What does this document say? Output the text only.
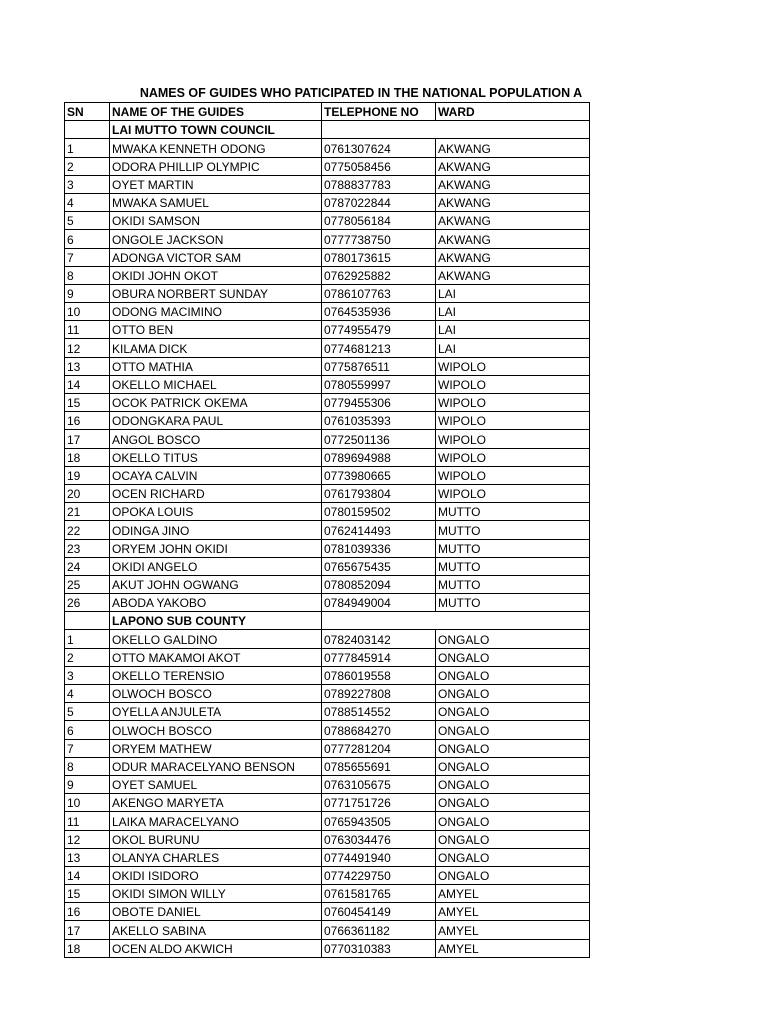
NAMES OF GUIDES WHO PATICIPATED IN THE NATIONAL POPULATION A
SN	NAME OF THE GUIDES	TELEPHONE NO	WARD
	LAI MUTTO TOWN COUNCIL		
1	MWAKA KENNETH ODONG	0761307624	AKWANG
2	ODORA PHILLIP OLYMPIC	0775058456	AKWANG
3	OYET MARTIN	0788837783	AKWANG
4	MWAKA SAMUEL	0787022844	AKWANG
5	OKIDI SAMSON	0778056184	AKWANG
6	ONGOLE JACKSON	0777738750	AKWANG
7	ADONGA VICTOR SAM	0780173615	AKWANG
8	OKIDI JOHN OKOT	0762925882	AKWANG
9	OBURA NORBERT SUNDAY	0786107763	LAI
10	ODONG MACIMINO	0764535936	LAI
11	OTTO BEN	0774955479	LAI
12	KILAMA DICK	0774681213	LAI
13	OTTO MATHIA	0775876511	WIPOLO
14	OKELLO MICHAEL	0780559997	WIPOLO
15	OCOK PATRICK OKEMA	0779455306	WIPOLO
16	ODONGKARA PAUL	0761035393	WIPOLO
17	ANGOL BOSCO	0772501136	WIPOLO
18	OKELLO TITUS	0789694988	WIPOLO
19	OCAYA CALVIN	0773980665	WIPOLO
20	OCEN RICHARD	0761793804	WIPOLO
21	OPOKA LOUIS	0780159502	MUTTO
22	ODINGA JINO	0762414493	MUTTO
23	ORYEM JOHN OKIDI	0781039336	MUTTO
24	OKIDI ANGELO	0765675435	MUTTO
25	AKUT JOHN OGWANG	0780852094	MUTTO
26	ABODA YAKOBO	0784949004	MUTTO
	LAPONO SUB COUNTY		
1	OKELLO GALDINO	0782403142	ONGALO
2	OTTO MAKAMOI AKOT	0777845914	ONGALO
3	OKELLO TERENSIO	0786019558	ONGALO
4	OLWOCH BOSCO	0789227808	ONGALO
5	OYELLA ANJULETA	0788514552	ONGALO
6	OLWOCH BOSCO	0788684270	ONGALO
7	ORYEM MATHEW	0777281204	ONGALO
8	ODUR MARACELYANO BENSON	0785655691	ONGALO
9	OYET SAMUEL	0763105675	ONGALO
10	AKENGO MARYETA	0771751726	ONGALO
11	LAIKA MARACELYANO	0765943505	ONGALO
12	OKOL BURUNU	0763034476	ONGALO
13	OLANYA CHARLES	0774491940	ONGALO
14	OKIDI ISIDORO	0774229750	ONGALO
15	OKIDI SIMON WILLY	0761581765	AMYEL
16	OBOTE DANIEL	0760454149	AMYEL
17	AKELLO SABINA	0766361182	AMYEL
18	OCEN ALDO AKWICH	0770310383	AMYEL
